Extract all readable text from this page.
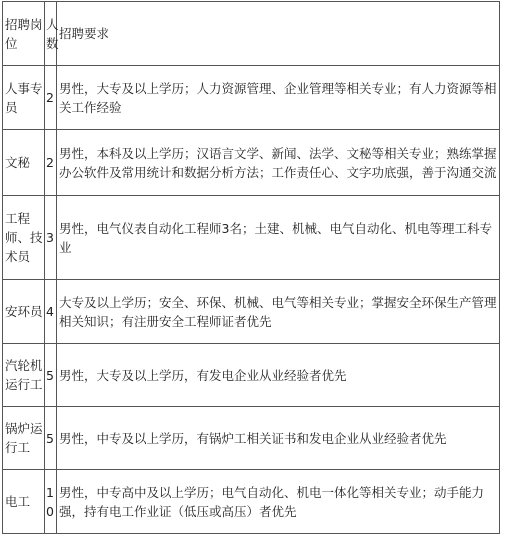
招聘岗位	人数	招聘要求
人事专员	2	男性，大专及以上学历；人力资源管理、企业管理等相关专业；有人力资源等相关工作经验
文秘	2	男性，本科及以上学历；汉语言文学、新闻、法学、文秘等相关专业；熟练掌握办公软件及常用统计和数据分析方法；工作责任心、文字功底强，善于沟通交流
工程师、技术员	3	男性，电气仪表自动化工程师3名；土建、机械、电气自动化、机电等理工科专业
安环员	4	大专及以上学历；安全、环保、机械、电气等相关专业；掌握安全环保生产管理相关知识；有注册安全工程师证者优先
汽轮机运行工	5	男性，大专及以上学历，有发电企业从业经验者优先
锅炉运行工	5	男性，中专及以上学历，有锅炉工相关证书和发电企业从业经验者优先
电工	10	男性，中专高中及以上学历；电气自动化、机电一体化等相关专业；动手能力强，持有电工作业证（低压或高压）者优先
